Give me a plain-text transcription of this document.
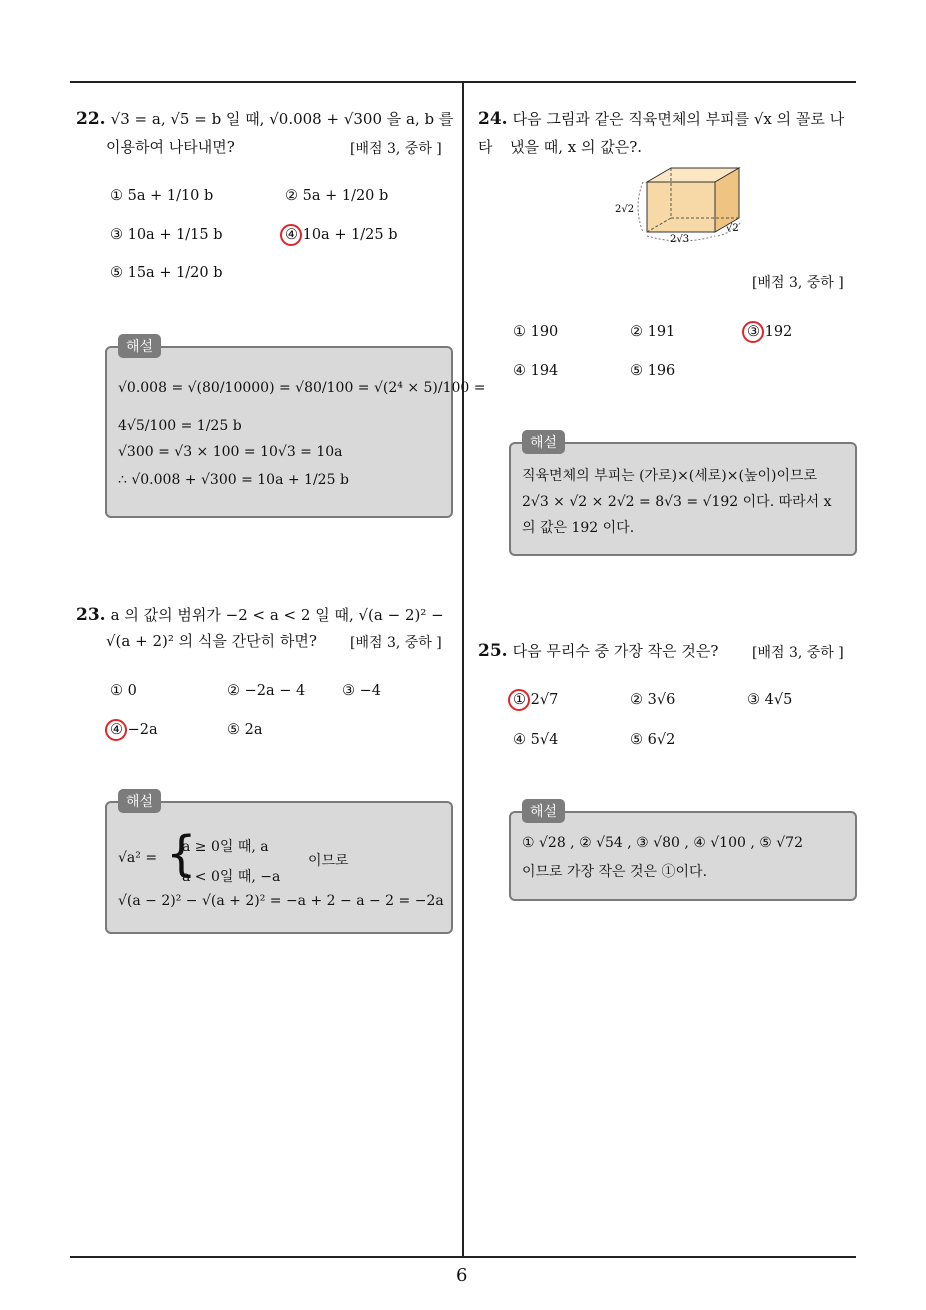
22. √3 = a, √5 = b 일 때, √0.008 + √300 을 a, b 를
이용하여 나타내면?	[배점 3, 중하 ]
① 5a + 1/10 b	② 5a + 1/20 b
③ 10a + 1/15 b	④ 10a + 1/25 b
⑤ 15a + 1/20 b
해설
√0.008 = √(80/10000) = √80/100 = √(2⁴ × 5)/100 =
4√5/100 = 1/25 b
√300 = √3 × 100 = 10√3 = 10a
∴ √0.008 + √300 = 10a + 1/25 b
23. a 의 값의 범위가 −2 < a < 2 일 때, √(a − 2)² −
√(a + 2)² 의 식을 간단히 하면? [배점 3, 중하 ]
① 0	② −2a − 4	③ −4
④ −2a	⑤ 2a
해설
√a² = {
a ≥ 0일 때, a
a < 0일 때, −a
이므로
√(a − 2)² − √(a + 2)² = −a + 2 − a − 2 = −2a
24. 다음 그림과 같은 직육면체의 부피를 √x 의 꼴로 나타	냈을 때, x 의 값은?.
2√2
2√3
√2
[배점 3, 중하 ]
① 190	② 191	③ 192
④ 194	⑤ 196
해설
직육면체의 부피는 (가로)×(세로)×(높이)이므로
2√3 × √2 × 2√2 = 8√3 = √192 이다. 따라서 x
의 값은 192 이다.
25. 다음 무리수 중 가장 작은 것은?	[배점 3, 중하 ]
① 2√7	② 3√6	③ 4√5
④ 5√4	⑤ 6√2
해설
① √28 , ② √54 , ③ √80 , ④ √100 , ⑤ √72
이므로 가장 작은 것은 ①이다.
6
